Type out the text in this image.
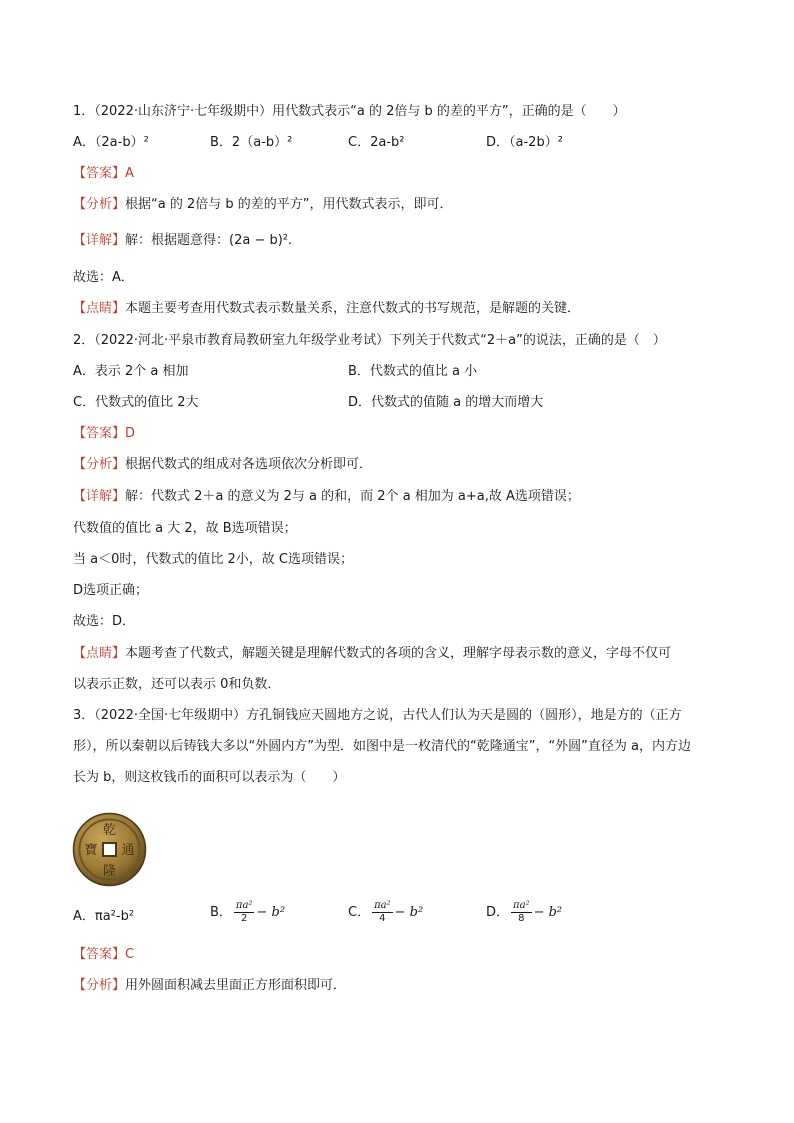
1．（2022·山东济宁·七年级期中）用代数式表示“a 的 2倍与 b 的差的平方”，正确的是（　　）
A．（2a-b）²	B．2（a-b）²	C．2a-b²	D．（a-2b）²
【答案】A
【分析】根据“a 的 2倍与 b 的差的平方”，用代数式表示，即可．
【详解】解：根据题意得：(2a − b)².
故选：A．
【点睛】本题主要考查用代数式表示数量关系，注意代数式的书写规范，是解题的关键．
2．（2022·河北·平泉市教育局教研室九年级学业考试）下列关于代数式“2＋a”的说法，正确的是（　）
A．表示 2个 a 相加	B．代数式的值比 a 小
C．代数式的值比 2大	D．代数式的值随 a 的增大而增大
【答案】D
【分析】根据代数式的组成对各选项依次分析即可．
【详解】解：代数式 2＋a 的意义为 2与 a 的和，而 2个 a 相加为 a+a,故 A选项错误；
代数值的值比 a 大 2，故 B选项错误；
当 a＜0时，代数式的值比 2小，故 C选项错误；
D选项正确；
故选：D．
【点睛】本题考查了代数式，解题关键是理解代数式的各项的含义，理解字母表示数的意义，字母不仅可
以表示正数，还可以表示 0和负数．
3．（2022·全国·七年级期中）方孔铜钱应天圆地方之说，古代人们认为天是圆的（圆形），地是方的（正方
形），所以秦朝以后铸钱大多以“外圆内方”为型．如图中是一枚清代的“乾隆通宝”，“外圆”直径为 a，内方边
长为 b，则这枚钱币的面积可以表示为（　　）
乾
隆
通
寶
A．πa²-b²	B． $\frac{\text{πa²}}{2} - b^2$	C． $\frac{\text{πa²}}{4} - b^2$	D． $\frac{\text{πa²}}{8} - b^2$
【答案】C
【分析】用外圆面积减去里面正方形面积即可．
